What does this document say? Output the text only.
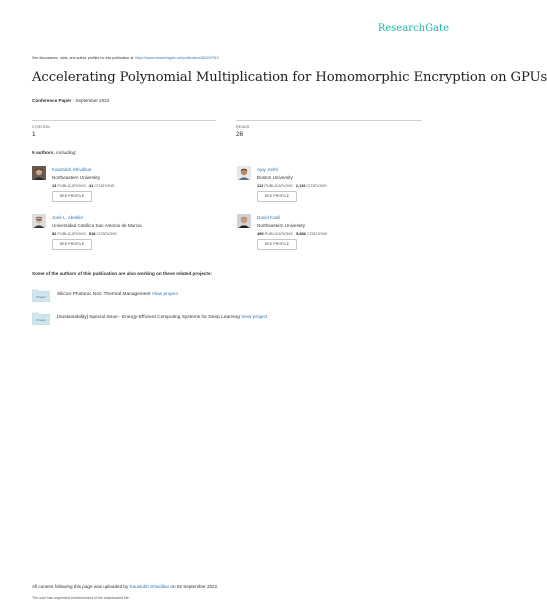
ResearchGate
See discussions, stats, and author profiles for this publication at: https://www.researchgate.net/publication/363247510
Accelerating Polynomial Multiplication for Homomorphic Encryption on GPUs
Conference Paper · September 2022
CITATION
1
READS
26
9 authors, including:
Kaustubh Shivdikar
Northeastern University
13 PUBLICATIONS 41 CITATIONS
SEE PROFILE
Ajay Joshi
Boston University
112 PUBLICATIONS 2,119 CITATIONS
SEE PROFILE
José L. Abellán
Universidad Católica San Antonio de Murcia
82 PUBLICATIONS 518 CITATIONS
SEE PROFILE
David Kaeli
Northeastern University
495 PUBLICATIONS 5,836 CITATIONS
SEE PROFILE
Some of the authors of this publication are also working on these related projects:
Project Silicon-Photonic NoC Thermal Management View project
Project [Sustainability] Special Issue - Energy-Efficient Computing Systems for Deep Learning View project
All content following this page was uploaded by Kaustubh Shivdikar on 02 September 2022.
The user has requested enhancement of the downloaded file.
